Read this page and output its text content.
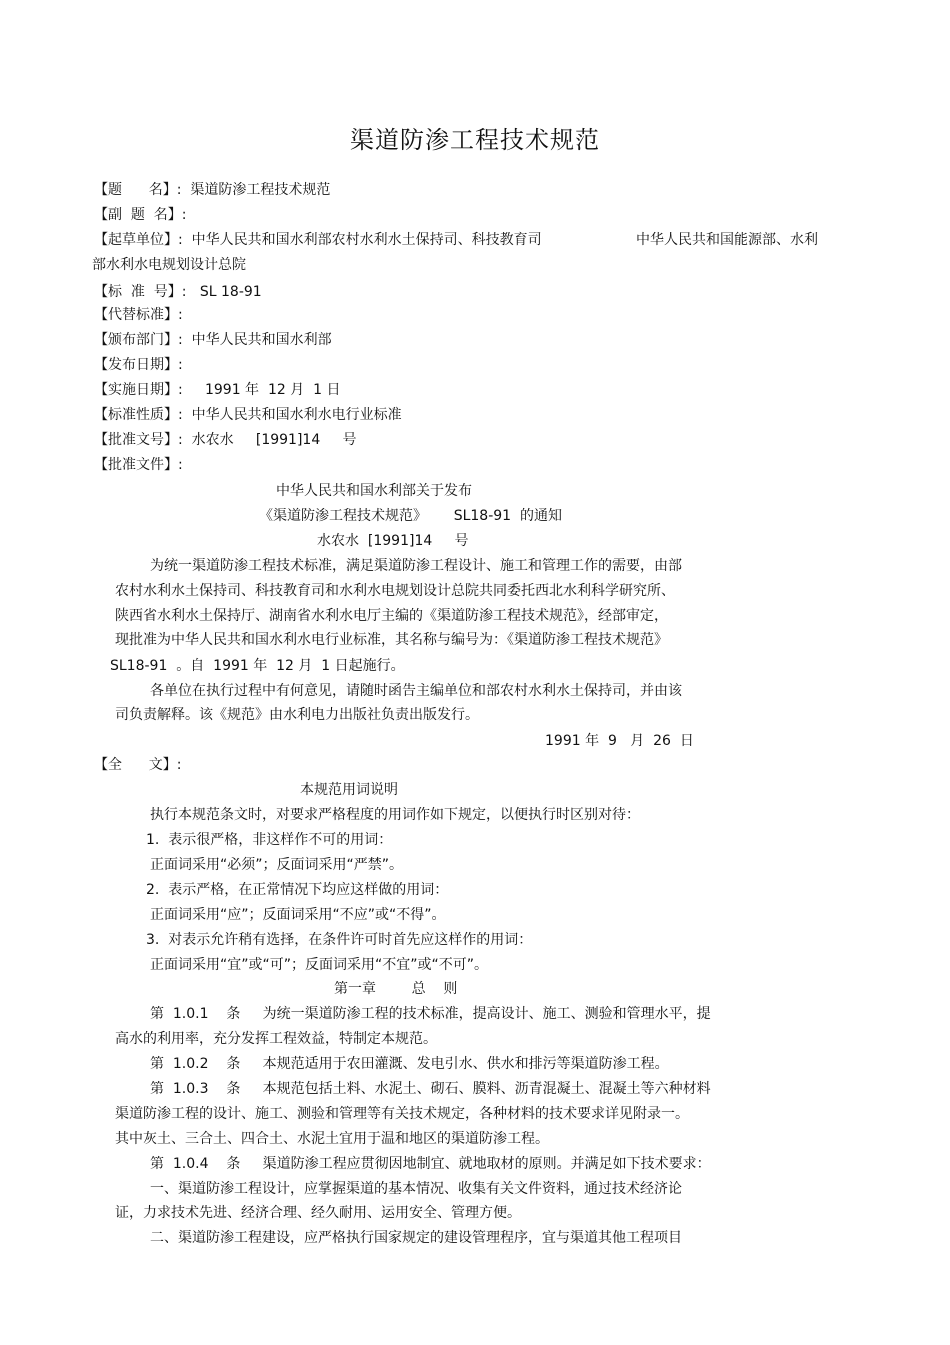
渠道防渗工程技术规范
【题      名】:  渠道防渗工程技术规范
【副  题  名】:
【起草单位】:  中华人民共和国水利部农村水利水土保持司、科技教育司	中华人民共和国能源部、水利
部水利水电规划设计总院
【标  准  号】:   SL 18-91
【代替标准】:
【颁布部门】:  中华人民共和国水利部
【发布日期】:
【实施日期】:     1991 年  12 月  1 日
【标准性质】:  中华人民共和国水利水电行业标准
【批准文号】:  水农水     [1991]14     号
【批准文件】:
中华人民共和国水利部关于发布
《渠道防渗工程技术规范》      SL18-91  的通知
水农水  [1991]14     号
为统一渠道防渗工程技术标准，满足渠道防渗工程设计、施工和管理工作的需要，由部
农村水利水土保持司、科技教育司和水利水电规划设计总院共同委托西北水利科学研究所、
陕西省水利水土保持厅、湖南省水利水电厅主编的《渠道防渗工程技术规范》，经部审定，
现批准为中华人民共和国水利水电行业标准，其名称与编号为：《渠道防渗工程技术规范》
SL18-91  。自  1991 年  12 月  1 日起施行。
各单位在执行过程中有何意见，请随时函告主编单位和部农村水利水土保持司，并由该
司负责解释。该《规范》由水利电力出版社负责出版发行。
1991 年  9   月  26  日
【全      文】:
本规范用词说明
执行本规范条文时，对要求严格程度的用词作如下规定，以便执行时区别对待：
1.  表示很严格，非这样作不可的用词：
正面词采用“必须”；反面词采用“严禁”。
2.  表示严格，在正常情况下均应这样做的用词：
正面词采用“应”；反面词采用“不应”或“不得”。
3.  对表示允许稍有选择，在条件许可时首先应这样作的用词：
正面词采用“宜”或“可”；反面词采用“不宜”或“不可”。
第一章        总    则
第  1.0.1    条     为统一渠道防渗工程的技术标准，提高设计、施工、测验和管理水平，提
高水的利用率，充分发挥工程效益，特制定本规范。
第  1.0.2    条     本规范适用于农田灌溉、发电引水、供水和排污等渠道防渗工程。
第  1.0.3    条     本规范包括土料、水泥土、砌石、膜料、沥青混凝土、混凝土等六种材料
渠道防渗工程的设计、施工、测验和管理等有关技术规定，各种材料的技术要求详见附录一。
其中灰土、三合土、四合土、水泥土宜用于温和地区的渠道防渗工程。
第  1.0.4    条     渠道防渗工程应贯彻因地制宜、就地取材的原则。并满足如下技术要求：
一、渠道防渗工程设计，应掌握渠道的基本情况、收集有关文件资料，通过技术经济论
证，力求技术先进、经济合理、经久耐用、运用安全、管理方便。
二、渠道防渗工程建设，应严格执行国家规定的建设管理程序，宜与渠道其他工程项目
